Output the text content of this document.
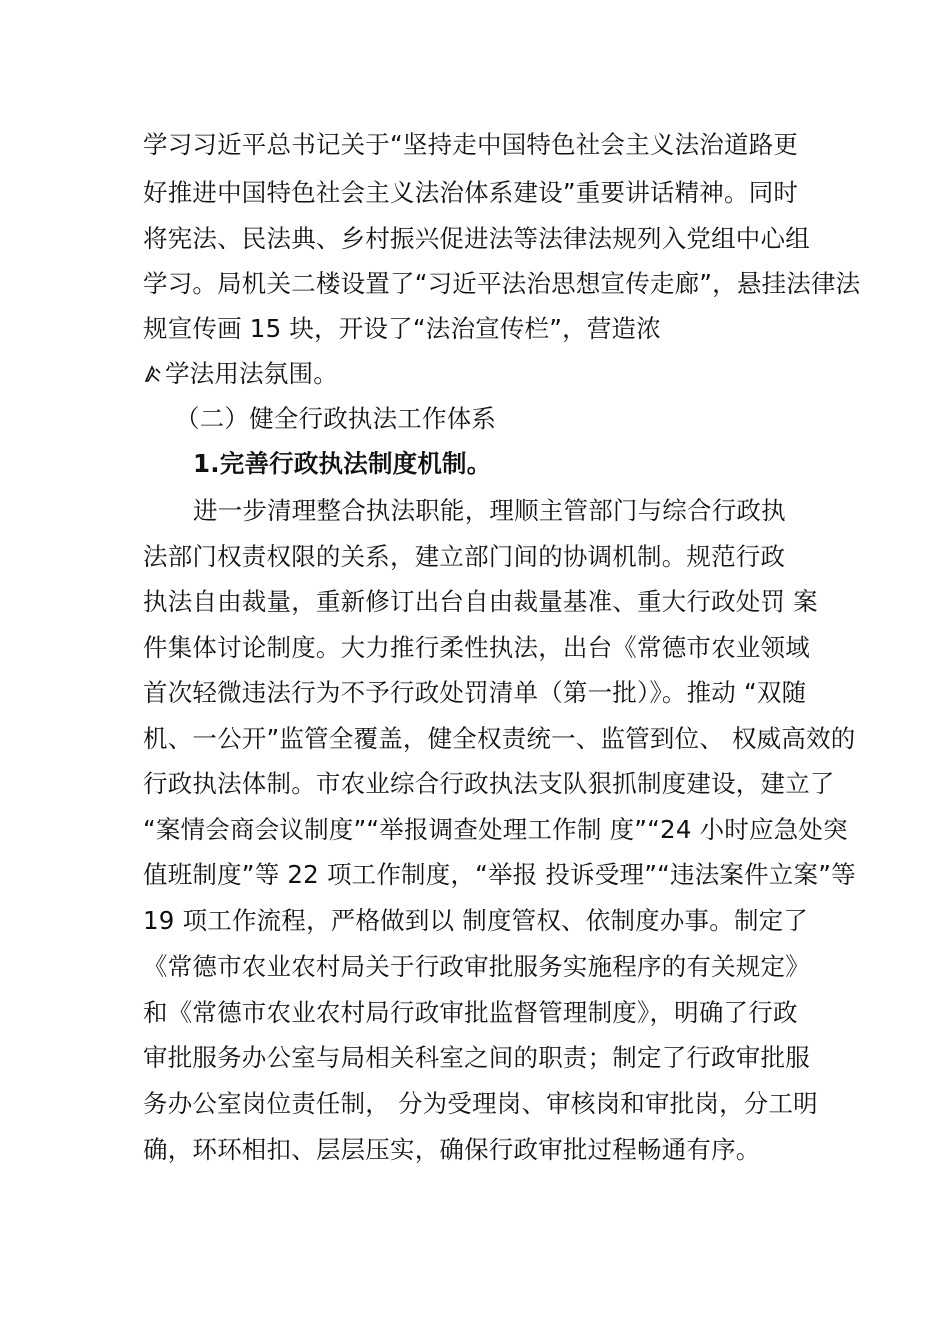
学习习近平总书记关于“坚持走中国特色社会主义法治道路更
好推进中国特色社会主义法治体系建设”重要讲话精神。同时
将宪法、民法典、乡村振兴促进法等法律法规列入党组中心组
学习。局机关二楼设置了“习近平法治思想宣传走廊”，悬挂法律法
规宣传画 15 块，开设了“法治宣传栏”，营造浓
学法用法氛围。
（二）健全行政执法工作体系
1.完善行政执法制度机制。
进一步清理整合执法职能，理顺主管部门与综合行政执
法部门权责权限的关系，建立部门间的协调机制。规范行政
执法自由裁量，重新修订出台自由裁量基准、重大行政处罚 案
件集体讨论制度。大力推行柔性执法，出台《常德市农业领域
首次轻微违法行为不予行政处罚清单（第一批）》。推动 “双随
机、一公开”监管全覆盖，健全权责统一、监管到位、 权威高效的
行政执法体制。市农业综合行政执法支队狠抓制度建设，建立了
“案情会商会议制度”“举报调查处理工作制 度”“24 小时应急处突
值班制度”等 22 项工作制度，“举报 投诉受理”“违法案件立案”等
19 项工作流程，严格做到以 制度管权、依制度办事。制定了
《常德市农业农村局关于行政审批服务实施程序的有关规定》
和《常德市农业农村局行政审批监督管理制度》，明确了行政
审批服务办公室与局相关科室之间的职责；制定了行政审批服
务办公室岗位责任制， 分为受理岗、审核岗和审批岗，分工明
确，环环相扣、层层压实，确保行政审批过程畅通有序。
